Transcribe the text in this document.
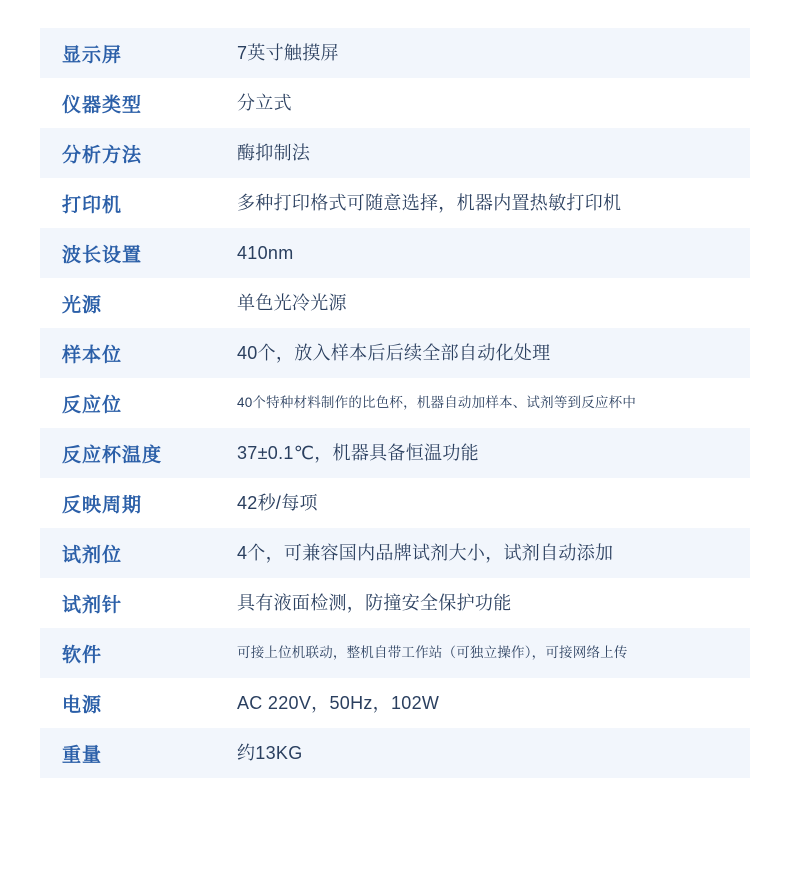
显示屏	7英寸触摸屏
仪器类型	分立式
分析方法	酶抑制法
打印机	多种打印格式可随意选择，机器内置热敏打印机
波长设置	410nm
光源	单色光冷光源
样本位	40个，放入样本后后续全部自动化处理
反应位	40个特种材料制作的比色杯，机器自动加样本、试剂等到反应杯中
反应杯温度	37±0.1℃，机器具备恒温功能
反映周期	42秒/每项
试剂位	4个，可兼容国内品牌试剂大小，试剂自动添加
试剂针	具有液面检测，防撞安全保护功能
软件	可接上位机联动，整机自带工作站（可独立操作），可接网络上传
电源	AC 220V，50Hz，102W
重量	约13KG
